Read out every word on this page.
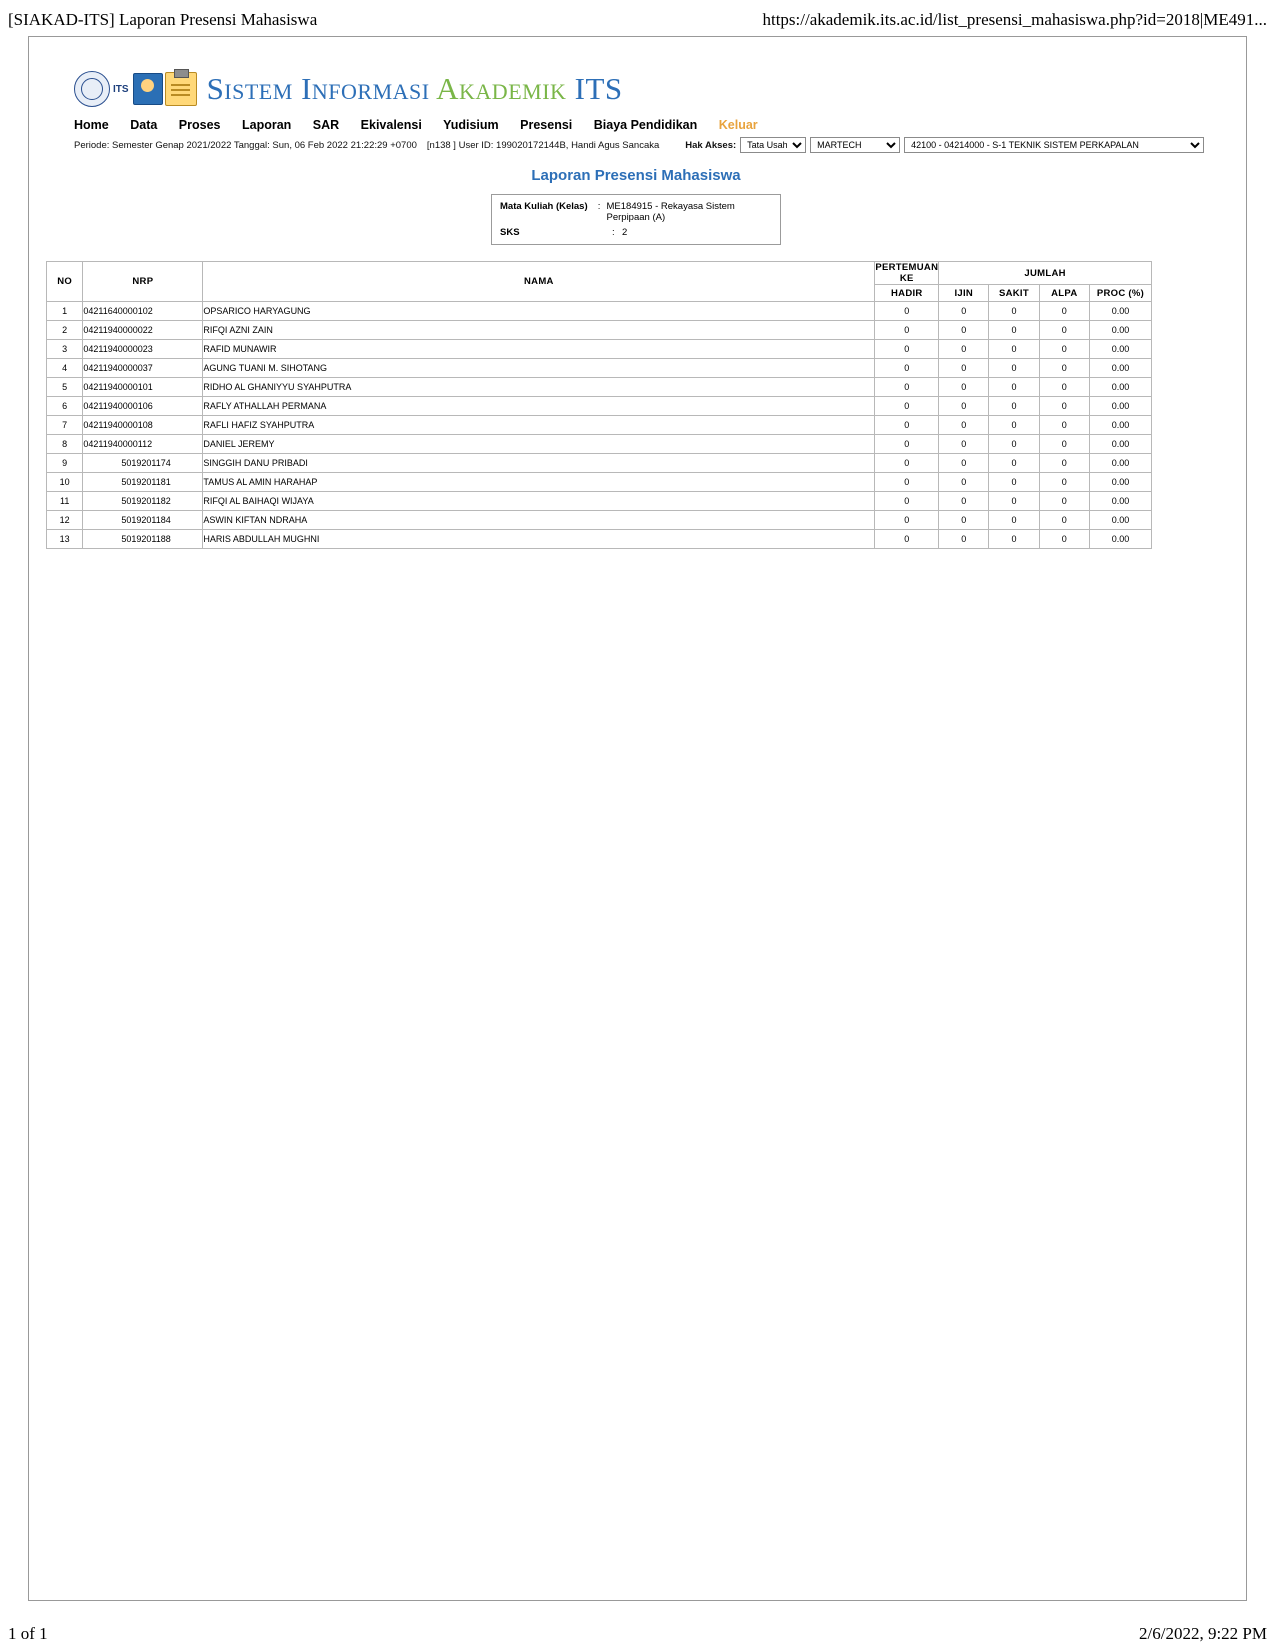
[SIAKAD-ITS] Laporan Presensi Mahasiswa	https://akademik.its.ac.id/list_presensi_mahasiswa.php?id=2018|ME491...
ITS	Sistem Informasi Akademik ITS
Home Data Proses Laporan SAR Ekivalensi Yudisium Presensi Biaya Pendidikan Keluar
Periode: Semester Genap 2021/2022 Tanggal: Sun, 06 Feb 2022 21:22:29 +0700 [n138 ] User ID: 199020172144B, Handi Agus Sancaka	Hak Akses:
Tata Usaha
MARTECH
42100 - 04214000 - S-1 TEKNIK SISTEM PERKAPALAN
Laporan Presensi Mahasiswa
Mata Kuliah (Kelas)	: ME184915 - Rekayasa Sistem Perpipaan (A)
SKS	: 2
NO	NRP	NAMA	PERTEMUAN KE	JUMLAH			
			HADIR	IJIN	SAKIT	ALPA	PROC (%)
1	04211640000102	OPSARICO HARYAGUNG	0	0	0	0	0.00
2	04211940000022	RIFQI AZNI ZAIN	0	0	0	0	0.00
3	04211940000023	RAFID MUNAWIR	0	0	0	0	0.00
4	04211940000037	AGUNG TUANI M. SIHOTANG	0	0	0	0	0.00
5	04211940000101	RIDHO AL GHANIYYU SYAHPUTRA	0	0	0	0	0.00
6	04211940000106	RAFLY ATHALLAH PERMANA	0	0	0	0	0.00
7	04211940000108	RAFLI HAFIZ SYAHPUTRA	0	0	0	0	0.00
8	04211940000112	DANIEL JEREMY	0	0	0	0	0.00
9	5019201174	SINGGIH DANU PRIBADI	0	0	0	0	0.00
10	5019201181	TAMUS AL AMIN HARAHAP	0	0	0	0	0.00
11	5019201182	RIFQI AL BAIHAQI WIJAYA	0	0	0	0	0.00
12	5019201184	ASWIN KIFTAN NDRAHA	0	0	0	0	0.00
13	5019201188	HARIS ABDULLAH MUGHNI	0	0	0	0	0.00
1 of 1	2/6/2022, 9:22 PM
